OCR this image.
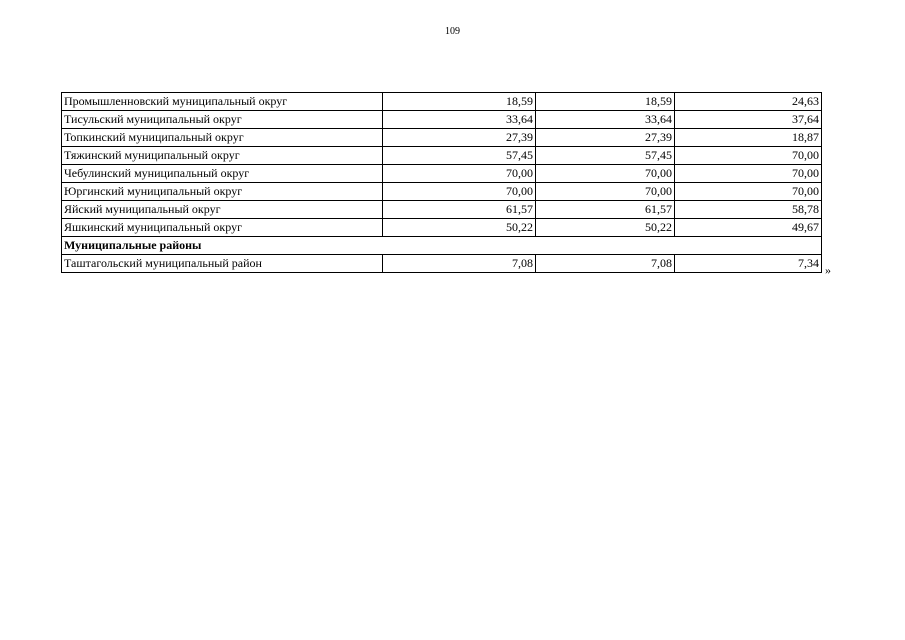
109
Промышленновский муниципальный округ	18,59	18,59	24,63
Тисульский муниципальный округ	33,64	33,64	37,64
Топкинский муниципальный округ	27,39	27,39	18,87
Тяжинский муниципальный округ	57,45	57,45	70,00
Чебулинский муниципальный округ	70,00	70,00	70,00
Юргинский муниципальный округ	70,00	70,00	70,00
Яйский муниципальный округ	61,57	61,57	58,78
Яшкинский муниципальный округ	50,22	50,22	49,67
Муниципальные районы			
Таштагольский муниципальный район	7,08	7,08	7,34 »
